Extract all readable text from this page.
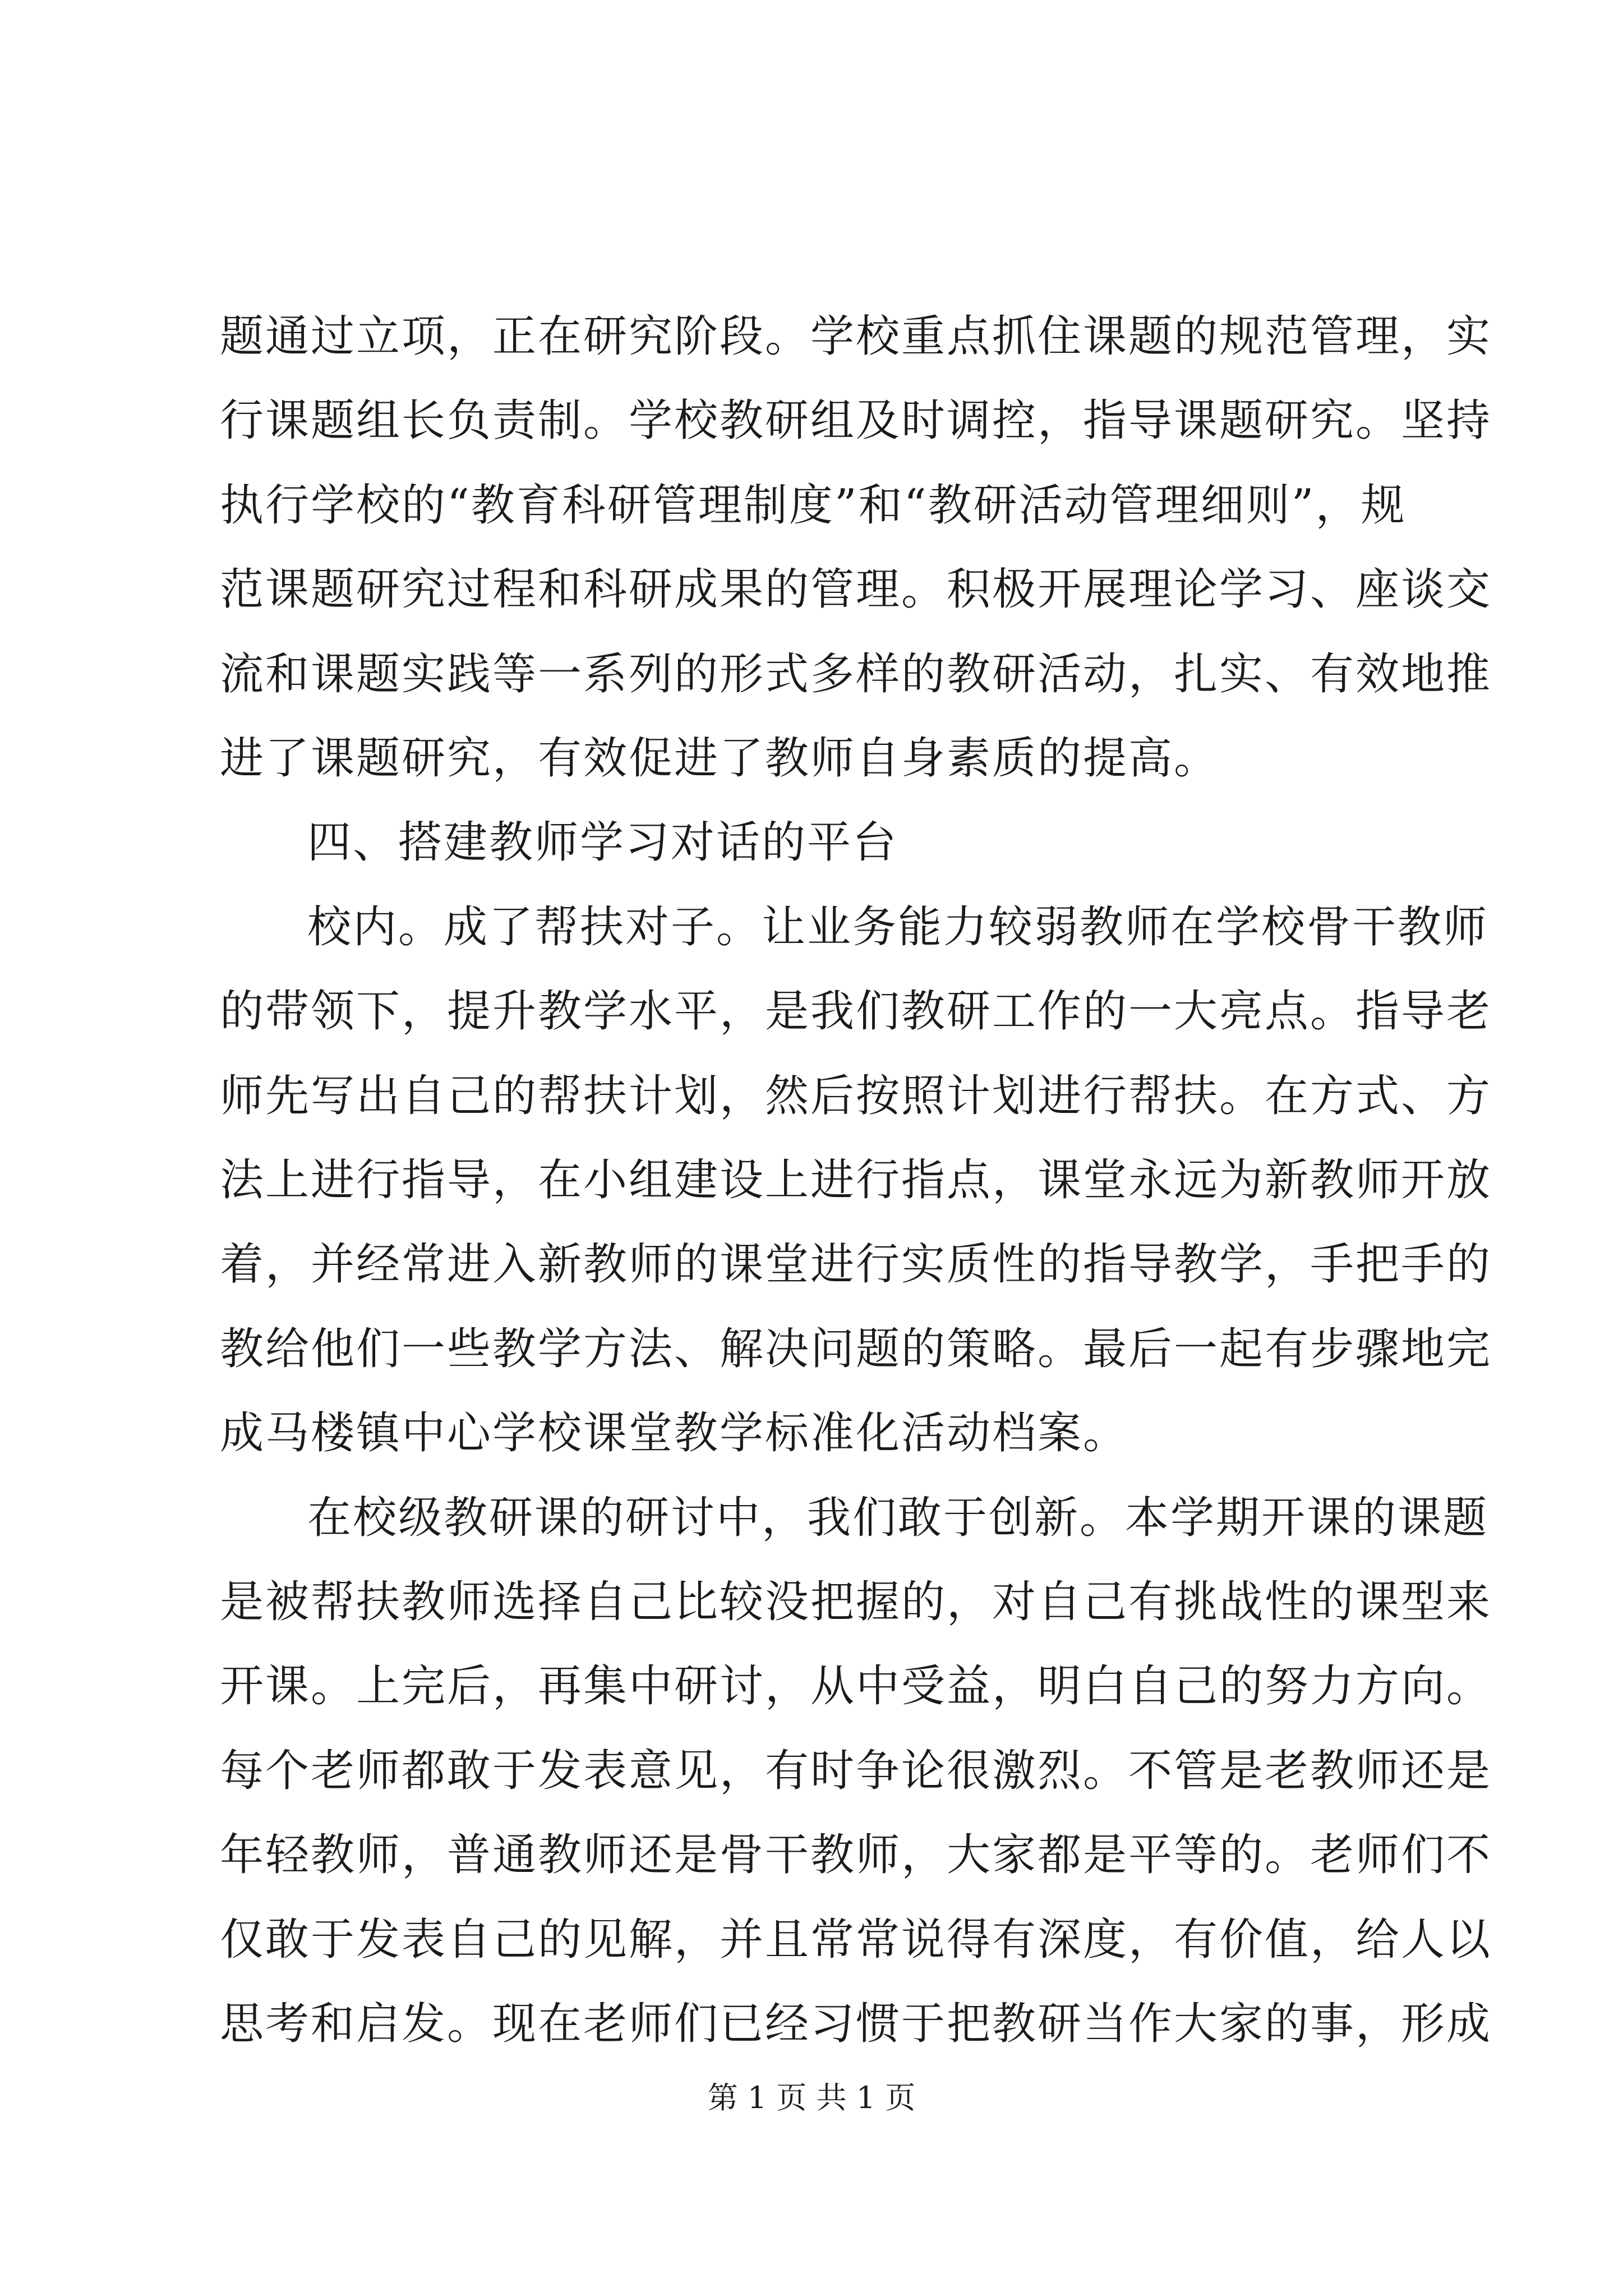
题通过立项，正在研究阶段。学校重点抓住课题的规范管理，实
行课题组长负责制。学校教研组及时调控，指导课题研究。坚持
执行学校的“教育科研管理制度”和“教研活动管理细则”，规
范课题研究过程和科研成果的管理。积极开展理论学习、座谈交
流和课题实践等一系列的形式多样的教研活动，扎实、有效地推
进了课题研究，有效促进了教师自身素质的提高。
四、搭建教师学习对话的平台
校内。成了帮扶对子。让业务能力较弱教师在学校骨干教师
的带领下，提升教学水平，是我们教研工作的一大亮点。指导老
师先写出自己的帮扶计划，然后按照计划进行帮扶。在方式、方
法上进行指导，在小组建设上进行指点，课堂永远为新教师开放
着，并经常进入新教师的课堂进行实质性的指导教学，手把手的
教给他们一些教学方法、解决问题的策略。最后一起有步骤地完
成马楼镇中心学校课堂教学标准化活动档案。
在校级教研课的研讨中，我们敢于创新。本学期开课的课题
是被帮扶教师选择自己比较没把握的，对自己有挑战性的课型来
开课。上完后，再集中研讨，从中受益，明白自己的努力方向。
每个老师都敢于发表意见，有时争论很激烈。不管是老教师还是
年轻教师，普通教师还是骨干教师，大家都是平等的。老师们不
仅敢于发表自己的见解，并且常常说得有深度，有价值，给人以
思考和启发。现在老师们已经习惯于把教研当作大家的事，形成
第 1 页 共 1 页
